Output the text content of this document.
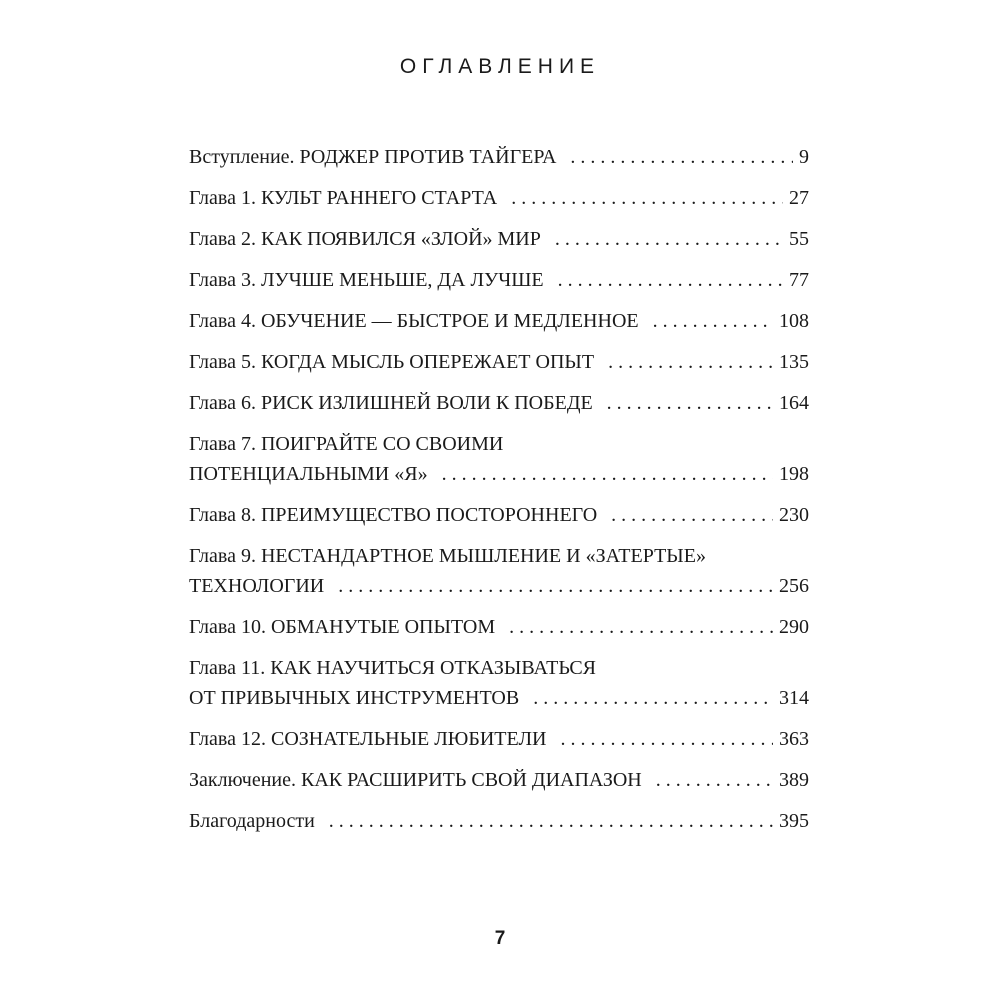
ОГЛАВЛЕНИЕ
Вступление. РОДЖЕР ПРОТИВ ТАЙГЕРА . . .	9
Глава 1. КУЛЬТ РАННЕГО СТАРТА . . .	27
Глава 2. КАК ПОЯВИЛСЯ «ЗЛОЙ» МИР . . .	55
Глава 3. ЛУЧШЕ МЕНЬШЕ, ДА ЛУЧШЕ . . .	77
Глава 4. ОБУЧЕНИЕ — БЫСТРОЕ И МЕДЛЕННОЕ . . .	108
Глава 5. КОГДА МЫСЛЬ ОПЕРЕЖАЕТ ОПЫТ . . .	135
Глава 6. РИСК ИЗЛИШНЕЙ ВОЛИ К ПОБЕДЕ . . .	164
Глава 7. ПОИГРАЙТЕ СО СВОИМИ
ПОТЕНЦИАЛЬНЫМИ «Я» . . .	198
Глава 8. ПРЕИМУЩЕСТВО ПОСТОРОННЕГО . . .	230
Глава 9. НЕСТАНДАРТНОЕ МЫШЛЕНИЕ И «ЗАТЕРТЫЕ»
ТЕХНОЛОГИИ . . .	256
Глава 10. ОБМАНУТЫЕ ОПЫТОМ . . .	290
Глава 11. КАК НАУЧИТЬСЯ ОТКАЗЫВАТЬСЯ
ОТ ПРИВЫЧНЫХ ИНСТРУМЕНТОВ . . .	314
Глава 12. СОЗНАТЕЛЬНЫЕ ЛЮБИТЕЛИ . . .	363
Заключение. КАК РАСШИРИТЬ СВОЙ ДИАПАЗОН . . .	389
Благодарности . . .	395
7
